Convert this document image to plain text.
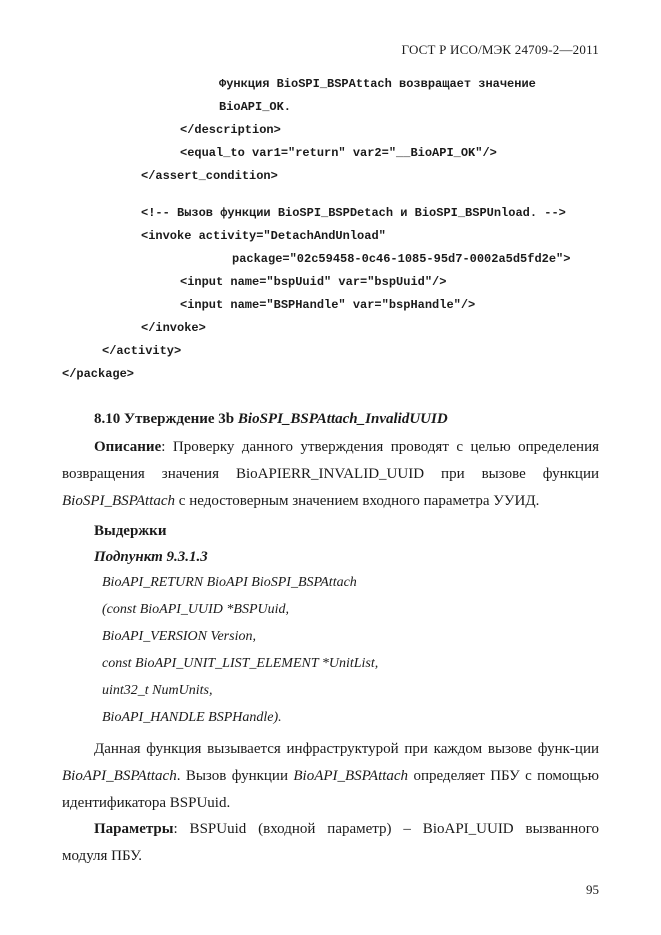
ГОСТ Р ИСО/МЭК 24709-2—2011
Функция BioSPI_BSPAttach возвращает значение
BioAPI_OK.
</description>
<equal_to var1="return" var2="__BioAPI_OK"/>
</assert_condition>
<!-- Вызов функции BioSPI_BSPDetach и BioSPI_BSPUnload. -->
<invoke activity="DetachAndUnload"
package="02c59458-0c46-1085-95d7-0002a5d5fd2e">
<input name="bspUuid" var="bspUuid"/>
<input name="BSPHandle" var="bspHandle"/>
</invoke>
</activity>
</package>
8.10 Утверждение 3b BioSPI_BSPAttach_InvalidUUID
Описание: Проверку данного утверждения проводят с целью определения возвращения значения BioAPIERR_INVALID_UUID при вызове функции BioSPI_BSPAttach с недостоверным значением входного параметра УУИД.
Выдержки
Подпункт 9.3.1.3
BioAPI_RETURN BioAPI BioSPI_BSPAttach
(const BioAPI_UUID *BSPUuid,
BioAPI_VERSION Version,
const BioAPI_UNIT_LIST_ELEMENT *UnitList,
uint32_t NumUnits,
BioAPI_HANDLE BSPHandle).
Данная функция вызывается инфраструктурой при каждом вызове функ-ции BioAPI_BSPAttach. Вызов функции BioAPI_BSPAttach определяет ПБУ с помощью идентификатора BSPUuid.
Параметры: BSPUuid (входной параметр) – BioAPI_UUID вызванного модуля ПБУ.
95
